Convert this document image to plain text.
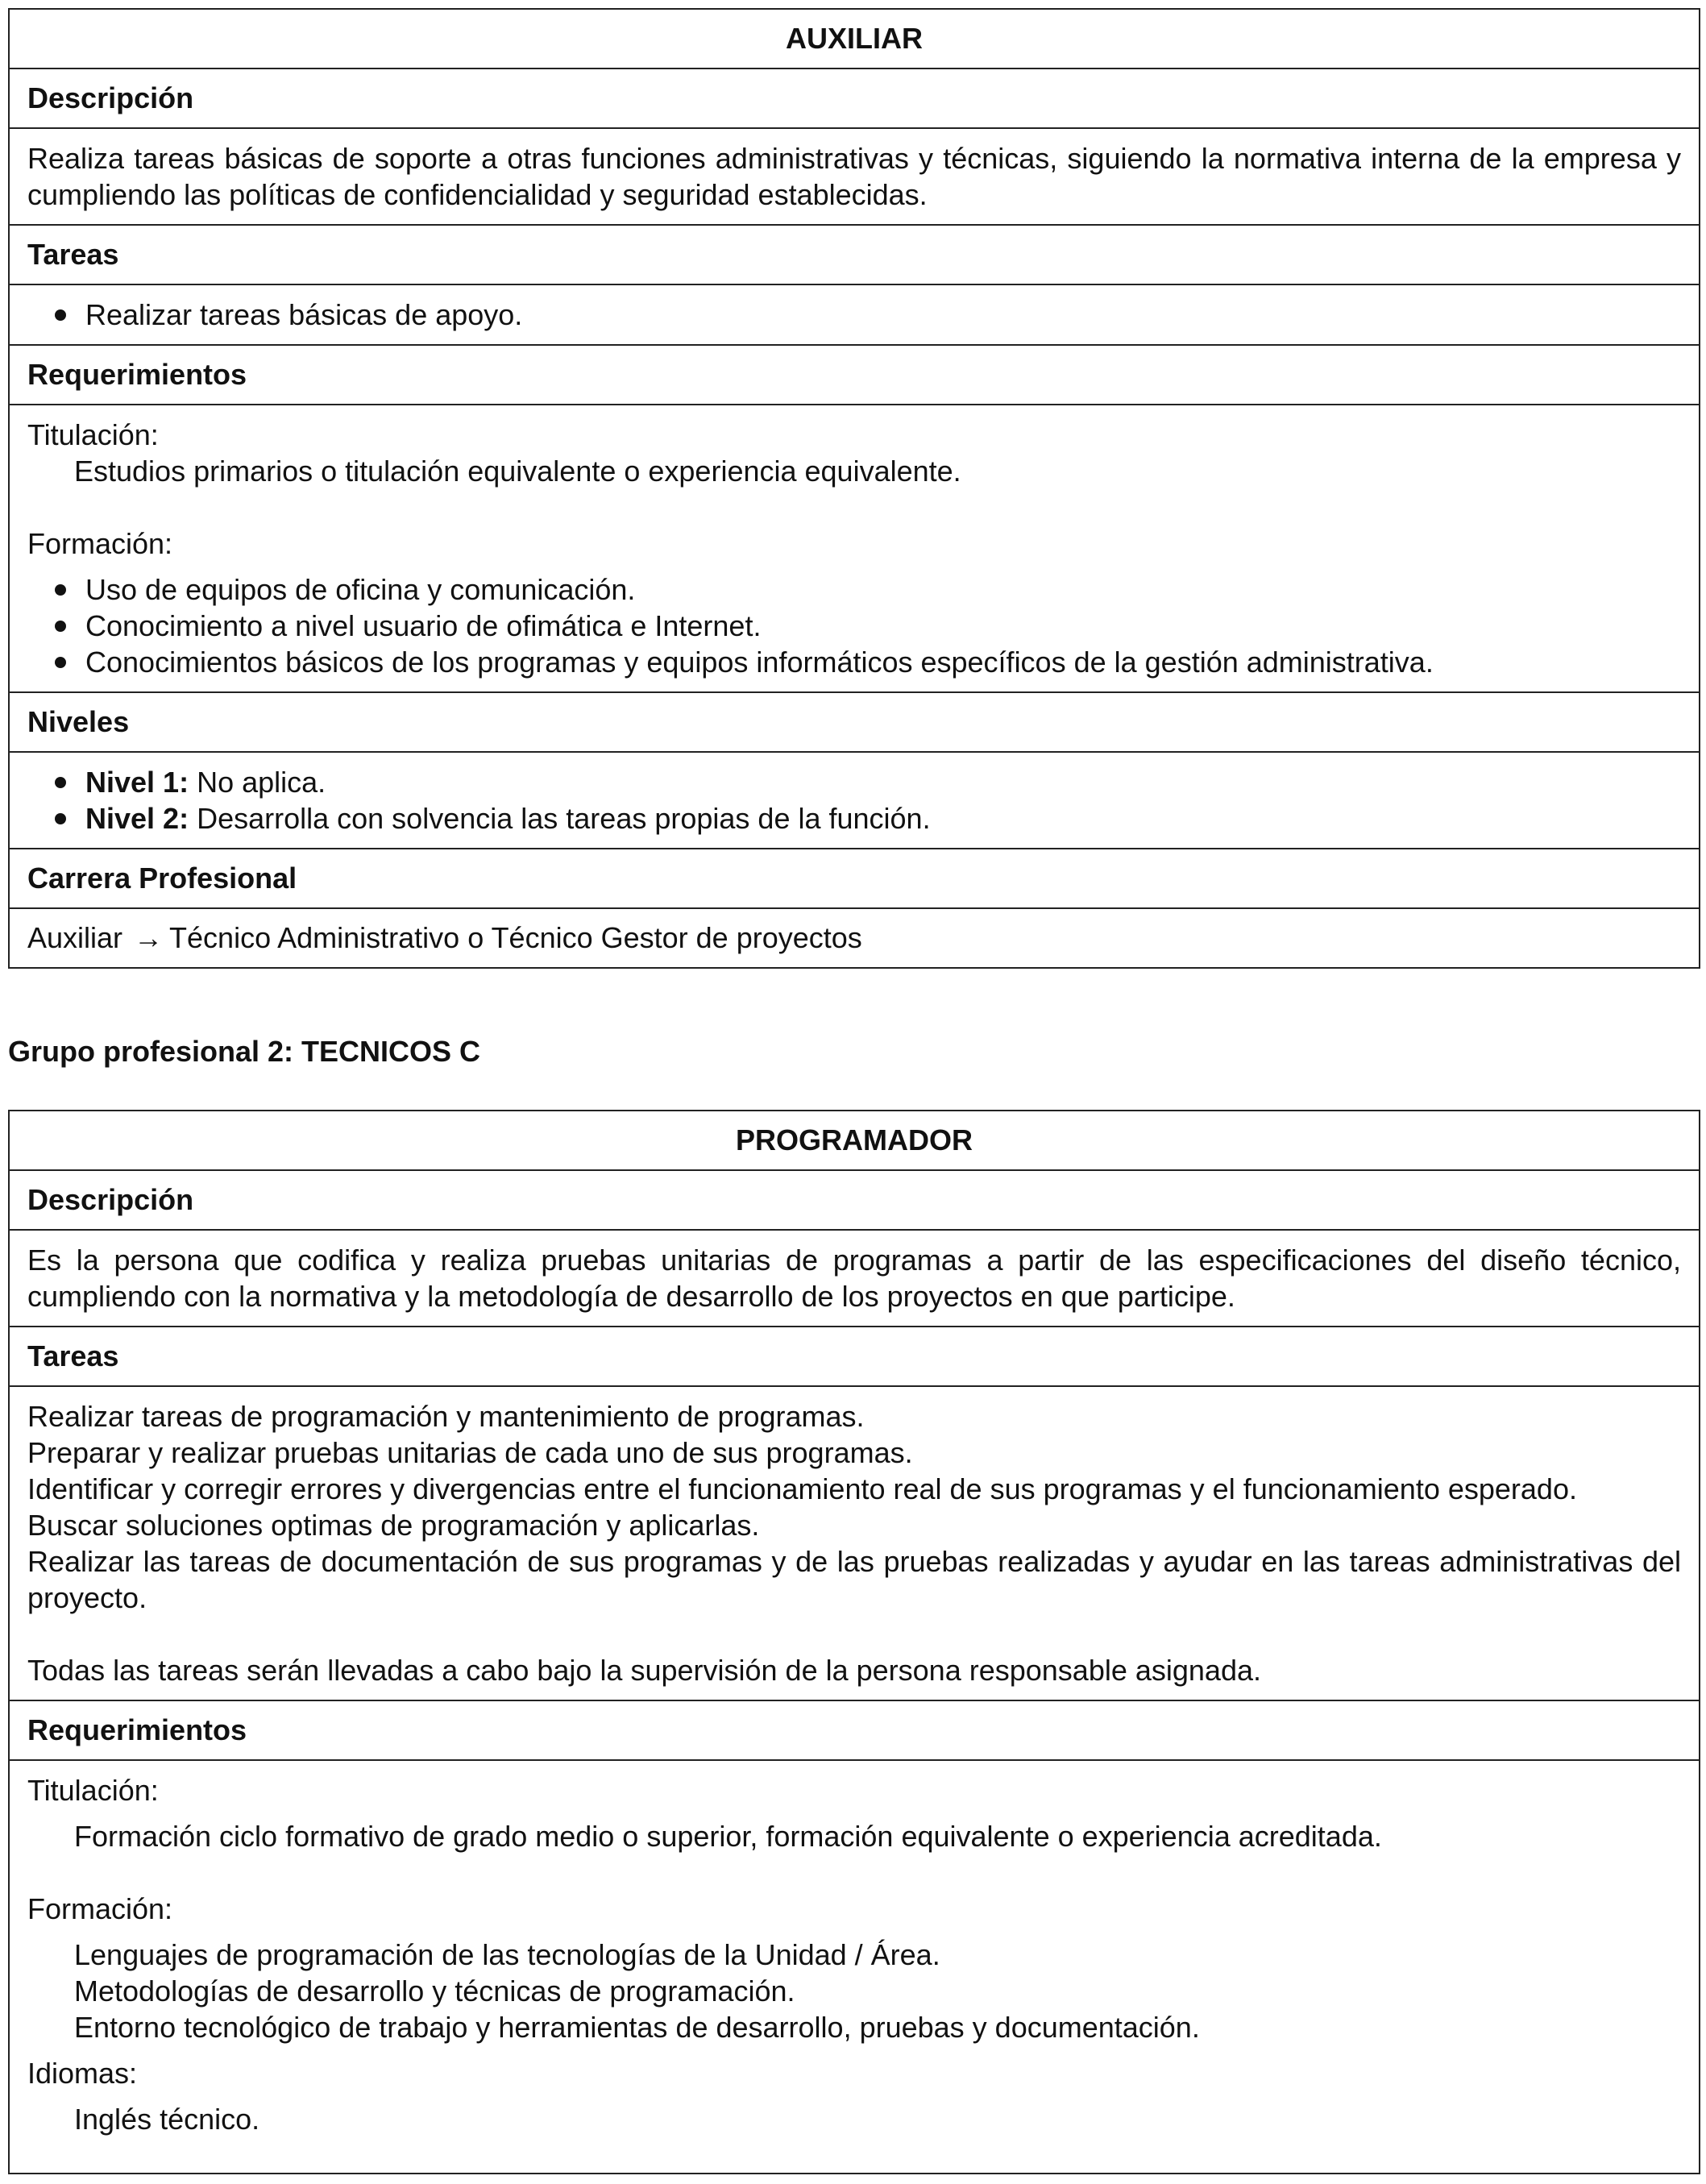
AUXILIAR
Descripción
Realiza tareas básicas de soporte a otras funciones administrativas y técnicas, siguiendo la normativa interna de la empresa y cumpliendo las políticas de confidencialidad y seguridad establecidas.
Tareas

Realizar tareas básicas de apoyo.

Requerimientos

Titulación:
Estudios primarios o titulación equivalente o experiencia equivalente.
Formación:
Uso de equipos de oficina y comunicación.
Conocimiento a nivel usuario de ofimática e Internet.
Conocimientos básicos de los programas y equipos informáticos específicos de la gestión administrativa.

Niveles

Nivel 1: No aplica.
Nivel 2: Desarrolla con solvencia las tareas propias de la función.

Carrera Profesional
Auxiliar → Técnico Administrativo o Técnico Gestor de proyectos
Grupo profesional 2: TECNICOS C
PROGRAMADOR
Descripción
Es la persona que codifica y realiza pruebas unitarias de programas a partir de las especificaciones del diseño técnico, cumpliendo con la normativa y la metodología de desarrollo de los proyectos en que participe.
Tareas

Realizar tareas de programación y mantenimiento de programas.
Preparar y realizar pruebas unitarias de cada uno de sus programas.
Identificar y corregir errores y divergencias entre el funcionamiento real de sus programas y el funcionamiento esperado.
Buscar soluciones optimas de programación y aplicarlas.
Realizar las tareas de documentación de sus programas y de las pruebas realizadas y ayudar en las tareas administrativas del proyecto.
Todas las tareas serán llevadas a cabo bajo la supervisión de la persona responsable asignada.

Requerimientos

Titulación:
Formación ciclo formativo de grado medio o superior, formación equivalente o experiencia acreditada.
Formación:
Lenguajes de programación de las tecnologías de la Unidad / Área.
Metodologías de desarrollo y técnicas de programación.
Entorno tecnológico de trabajo y herramientas de desarrollo, pruebas y documentación.
Idiomas:
Inglés técnico.
